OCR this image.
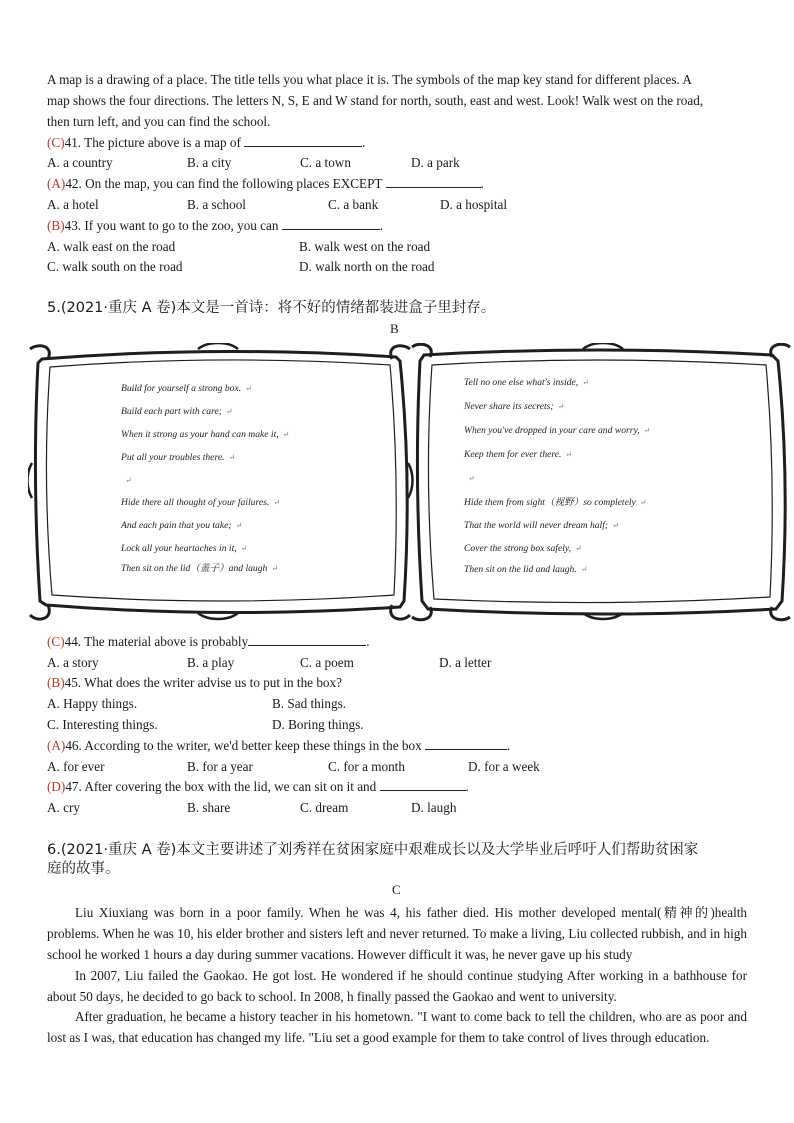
A map is a drawing of a place. The title tells you what place it is. The symbols of the map key stand for different places. A
map shows the four directions. The letters N, S, E and W stand for north, south, east and west. Look! Walk west on the road,
then turn left, and you can find the school.
(C)41. The picture above is a map of	.
A. a country	B. a city	C. a town	D. a park
(A)42. On the map, you can find the following places EXCEPT	.
A. a hotel	B. a school	C. a bank	D. a hospital
(B)43. If you want to go to the zoo, you can	.
A. walk east on the road	B. walk west on the road
C. walk south on the road	D. walk north on the road
5.(2021·重庆 A 卷)本文是一首诗：将不好的情绪都装进盒子里封存。
B
Build for yourself a strong box. ↵
Build each part with care; ↵
When it strong as your hand can make it, ↵
Put all your troubles there. ↵
↵
Hide there all thought of your failures. ↵
And each pain that you take; ↵
Lock all your heartaches in it, ↵
Then sit on the lid（盖子）and laugh ↵
Tell no one else what's inside, ↵
Never share its secrets; ↵
When you've dropped in your care and worry, ↵
Keep them for ever there. ↵
↵
Hide them from sight（视野）so completely ↵
That the world will never dream half; ↵
Cover the strong box safely, ↵
Then sit on the lid and laugh. ↵
(C)44. The material above is probably	.
A. a story	B. a play	C. a poem	D. a letter
(B)45. What does the writer advise us to put in the box?
A. Happy things.	B. Sad things.
C. Interesting things.	D. Boring things.
(A)46. According to the writer, we'd better keep these things in the box	.
A. for ever	B. for a year	C. for a month	D. for a week
(D)47. After covering the box with the lid, we can sit on it and	.
A. cry	B. share	C. dream	D. laugh
6.(2021·重庆 A 卷)本文主要讲述了刘秀祥在贫困家庭中艰难成长以及大学毕业后呼吁人们帮助贫困家
庭的故事。
C
Liu Xiuxiang was born in a poor family. When he was 4, his father died. His mother developed mental(精神的)health problems. When he was 10, his elder brother and sisters left and never returned. To make a living, Liu collected rubbish, and in high school he worked 1 hours a day during summer vacations. However difficult it was, he never gave up his study
In 2007, Liu failed the Gaokao. He got lost. He wondered if he should continue studying After working in a bathhouse for about 50 days, he decided to go back to school. In 2008, h finally passed the Gaokao and went to university.
After graduation, he became a history teacher in his hometown. "I want to come back to tell the children, who are as poor and lost as I was, that education has changed my life. "Liu set a good example for them to take control of lives through education.
